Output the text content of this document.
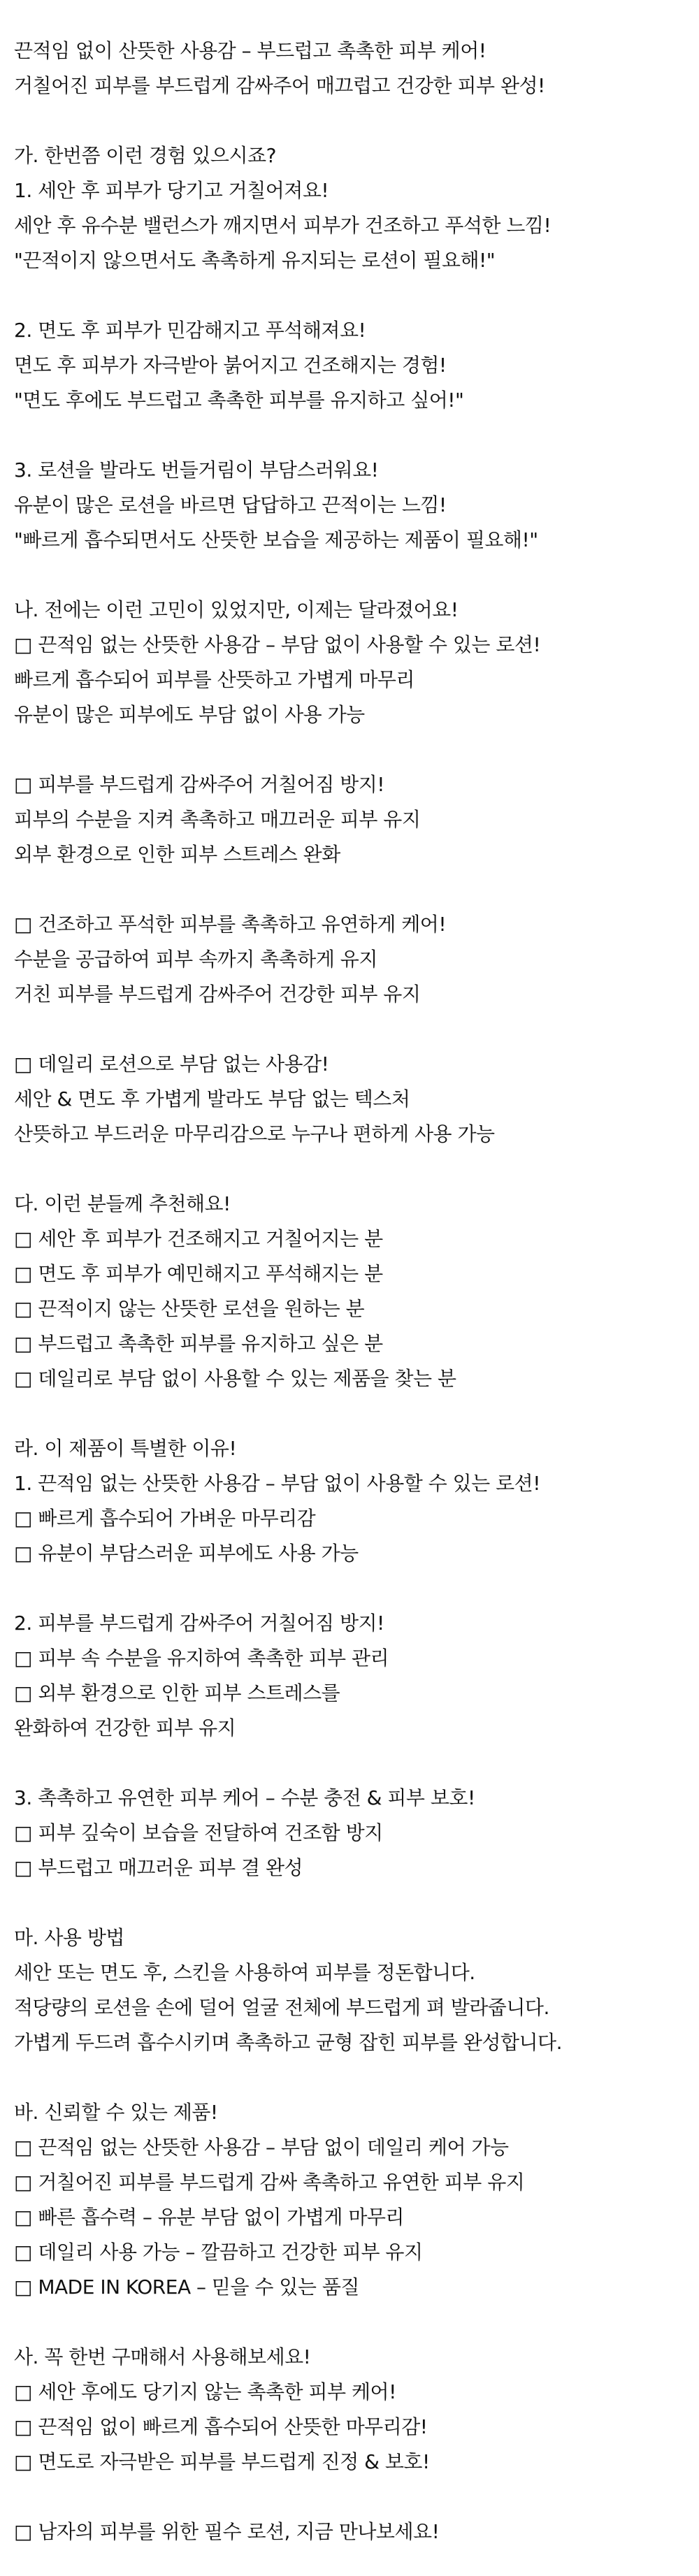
끈적임 없이 산뜻한 사용감 – 부드럽고 촉촉한 피부 케어!
거칠어진 피부를 부드럽게 감싸주어 매끄럽고 건강한 피부 완성!
가. 한번쯤 이런 경험 있으시죠?
1. 세안 후 피부가 당기고 거칠어져요!
세안 후 유수분 밸런스가 깨지면서 피부가 건조하고 푸석한 느낌!
"끈적이지 않으면서도 촉촉하게 유지되는 로션이 필요해!"
2. 면도 후 피부가 민감해지고 푸석해져요!
면도 후 피부가 자극받아 붉어지고 건조해지는 경험!
"면도 후에도 부드럽고 촉촉한 피부를 유지하고 싶어!"
3. 로션을 발라도 번들거림이 부담스러워요!
유분이 많은 로션을 바르면 답답하고 끈적이는 느낌!
"빠르게 흡수되면서도 산뜻한 보습을 제공하는 제품이 필요해!"
나. 전에는 이런 고민이 있었지만, 이제는 달라졌어요!
□ 끈적임 없는 산뜻한 사용감 – 부담 없이 사용할 수 있는 로션!
빠르게 흡수되어 피부를 산뜻하고 가볍게 마무리
유분이 많은 피부에도 부담 없이 사용 가능
□ 피부를 부드럽게 감싸주어 거칠어짐 방지!
피부의 수분을 지켜 촉촉하고 매끄러운 피부 유지
외부 환경으로 인한 피부 스트레스 완화
□ 건조하고 푸석한 피부를 촉촉하고 유연하게 케어!
수분을 공급하여 피부 속까지 촉촉하게 유지
거친 피부를 부드럽게 감싸주어 건강한 피부 유지
□ 데일리 로션으로 부담 없는 사용감!
세안 & 면도 후 가볍게 발라도 부담 없는 텍스처
산뜻하고 부드러운 마무리감으로 누구나 편하게 사용 가능
다. 이런 분들께 추천해요!
□ 세안 후 피부가 건조해지고 거칠어지는 분
□ 면도 후 피부가 예민해지고 푸석해지는 분
□ 끈적이지 않는 산뜻한 로션을 원하는 분
□ 부드럽고 촉촉한 피부를 유지하고 싶은 분
□ 데일리로 부담 없이 사용할 수 있는 제품을 찾는 분
라. 이 제품이 특별한 이유!
1. 끈적임 없는 산뜻한 사용감 – 부담 없이 사용할 수 있는 로션!
□ 빠르게 흡수되어 가벼운 마무리감
□ 유분이 부담스러운 피부에도 사용 가능
2. 피부를 부드럽게 감싸주어 거칠어짐 방지!
□ 피부 속 수분을 유지하여 촉촉한 피부 관리
□ 외부 환경으로 인한 피부 스트레스를
완화하여 건강한 피부 유지
3. 촉촉하고 유연한 피부 케어 – 수분 충전 & 피부 보호!
□ 피부 깊숙이 보습을 전달하여 건조함 방지
□ 부드럽고 매끄러운 피부 결 완성
마. 사용 방법
세안 또는 면도 후, 스킨을 사용하여 피부를 정돈합니다.
적당량의 로션을 손에 덜어 얼굴 전체에 부드럽게 펴 발라줍니다.
가볍게 두드려 흡수시키며 촉촉하고 균형 잡힌 피부를 완성합니다.
바. 신뢰할 수 있는 제품!
□ 끈적임 없는 산뜻한 사용감 – 부담 없이 데일리 케어 가능
□ 거칠어진 피부를 부드럽게 감싸 촉촉하고 유연한 피부 유지
□ 빠른 흡수력 – 유분 부담 없이 가볍게 마무리
□ 데일리 사용 가능 – 깔끔하고 건강한 피부 유지
□ MADE IN KOREA – 믿을 수 있는 품질
사. 꼭 한번 구매해서 사용해보세요!
□ 세안 후에도 당기지 않는 촉촉한 피부 케어!
□ 끈적임 없이 빠르게 흡수되어 산뜻한 마무리감!
□ 면도로 자극받은 피부를 부드럽게 진정 & 보호!
□ 남자의 피부를 위한 필수 로션, 지금 만나보세요!
